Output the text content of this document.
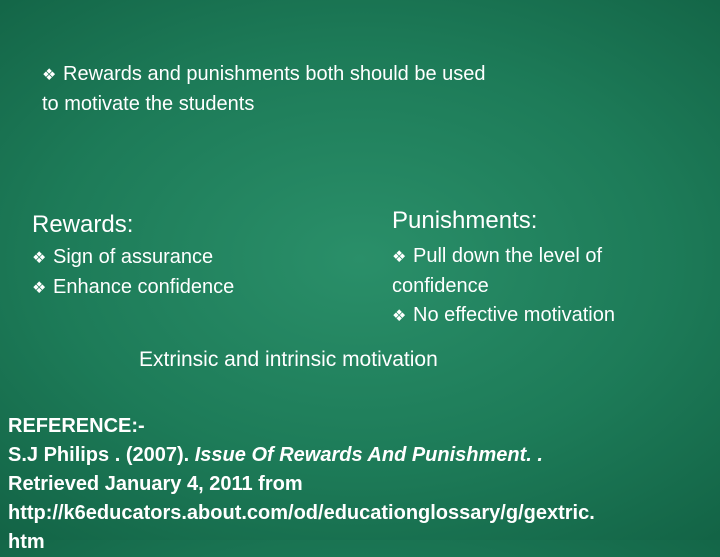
❖ Rewards and punishments both should be used
to motivate the students
Rewards:
❖ Sign of assurance
❖ Enhance confidence
Punishments:
❖ Pull down the level of
confidence
❖ No effective motivation
Extrinsic and intrinsic motivation
REFERENCE:-
S.J Philips . (2007). Issue Of Rewards And Punishment. .
Retrieved January 4, 2011 from
http://k6educators.about.com/od/educationglossary/g/gextric.
htm
